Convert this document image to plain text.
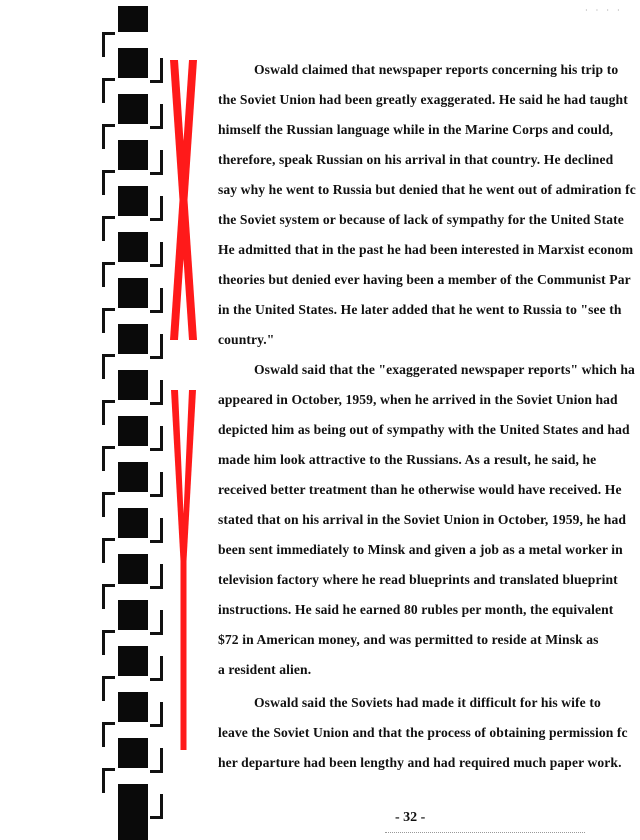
· · · ·
Oswald claimed that newspaper reports concerning his trip to
the Soviet Union had been greatly exaggerated. He said he had taught
himself the Russian language while in the Marine Corps and could,
therefore, speak Russian on his arrival in that country. He declined
say why he went to Russia but denied that he went out of admiration fc
the Soviet system or because of lack of sympathy for the United State
He admitted that in the past he had been interested in Marxist econom
theories but denied ever having been a member of the Communist Par
in the United States. He later added that he went to Russia to "see th
country."
Oswald said that the "exaggerated newspaper reports" which ha
appeared in October, 1959, when he arrived in the Soviet Union had
depicted him as being out of sympathy with the United States and had
made him look attractive to the Russians. As a result, he said, he
received better treatment than he otherwise would have received. He
stated that on his arrival in the Soviet Union in October, 1959, he had
been sent immediately to Minsk and given a job as a metal worker in
television factory where he read blueprints and translated blueprint
instructions. He said he earned 80 rubles per month, the equivalent
$72 in American money, and was permitted to reside at Minsk as
a resident alien.
Oswald said the Soviets had made it difficult for his wife to
leave the Soviet Union and that the process of obtaining permission fc
her departure had been lengthy and had required much paper work.
- 32 -
